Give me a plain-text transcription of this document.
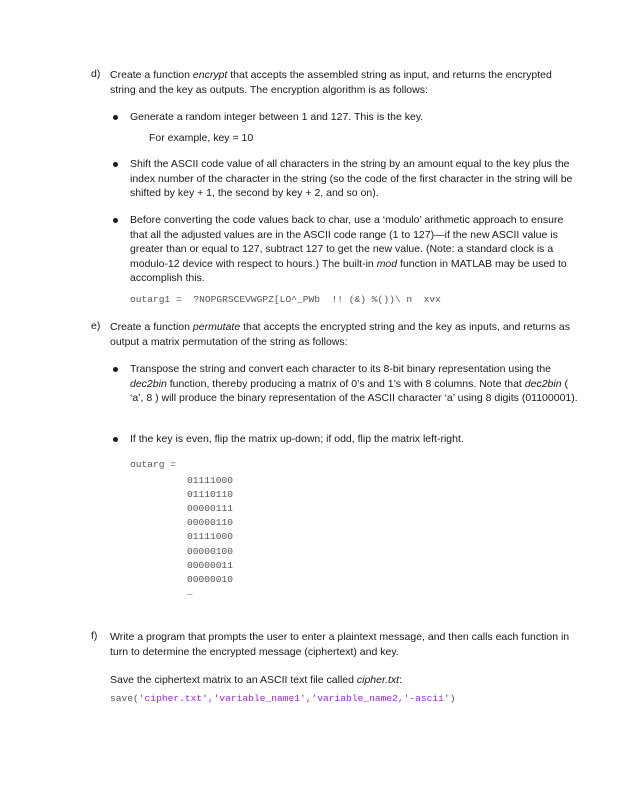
d) Create a function encrypt that accepts the assembled string as input, and returns the encrypted string and the key as outputs. The encryption algorithm is as follows:

Generate a random integer between 1 and 127. This is the key.

For example, key = 10

Shift the ASCII code value of all characters in the string by an amount equal to the key plus the index number of the character in the string (so the code of the first character in the string will be shifted by key + 1, the second by key + 2, and so on).

Before converting the code values back to char, use a ‘modulo’ arithmetic approach to ensure that all the adjusted values are in the ASCII code range (1 to 127)—if the new ASCII value is greater than or equal to 127, subtract 127 to get the new value. (Note: a standard clock is a modulo-12 device with respect to hours.) The built-in mod function in MATLAB may be used to accomplish this.

outarg1 =  ?NOPGRSCEVWGPZ[LO^_PWb  !! (&) %())\ n  xvx
e) Create a function permutate that accepts the encrypted string and the key as inputs, and returns as output a matrix permutation of the string as follows:

Transpose the string and convert each character to its 8-bit binary representation using the dec2bin function, thereby producing a matrix of 0’s and 1’s with 8 columns. Note that dec2bin ( ‘a’, 8 ) will produce the binary representation of the ASCII character ‘a’ using 8 digits (01100001).

If the key is even, flip the matrix up-down; if odd, flip the matrix left-right.

outarg =
01111000
01110110
00000111
00000110
01111000
00000100
00000011
00000010
…
f) Write a program that prompts the user to enter a plaintext message, and then calls each function in turn to determine the encrypted message (ciphertext) and key.

Save the ciphertext matrix to an ASCII text file called cipher.txt:

save('cipher.txt','variable_name1',’variable_name2,'-ascii')
